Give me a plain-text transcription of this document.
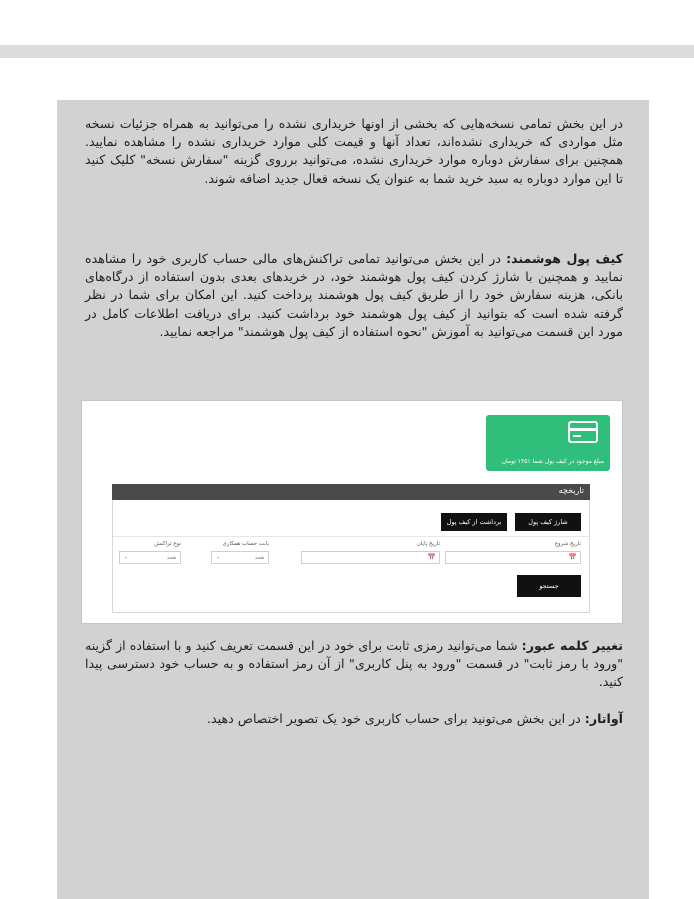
در این بخش تمامی نسخه‌هایی که بخشی از اونها خریداری نشده را می‌توانید به همراه جزئیات نسخه مثل مواردی که خریداری نشده‌اند، تعداد آنها و قیمت کلی موارد خریداری نشده را مشاهده نمایید. همچنین برای سفارش دوباره موارد خریداری نشده، می‌توانید برروی گزینه "سفارش نسخه" کلیک کنید تا این موارد دوباره به سبد خرید شما به عنوان یک نسخه فعال جدید اضافه شوند.

کیف پول هوشمند: در این بخش می‌توانید تمامی تراکنش‌های مالی حساب کاربری خود را مشاهده نمایید و همچنین با شارژ کردن کیف پول هوشمند خود، در خریدهای بعدی بدون استفاده از درگاه‌های بانکی، هزینه سفارش خود را از طریق کیف پول هوشمند پرداخت کنید. این امکان برای شما در نظر گرفته شده است که بتوانید از کیف پول هوشمند خود برداشت کنید. برای دریافت اطلاعات کامل در مورد این قسمت می‌توانید به آموزش "نحوه استفاده از کیف پول هوشمند" مراجعه نمایید.

مبلغ موجود در کیف پول شما ۱۳۵۱ تومان
تاریخچه
شارژ کیف پول
برداشت از کیف پول
تاریخ شروع
📅
تاریخ پایان
📅
بابت حساب همکاری
همه
⌄
نوع تراکنش
همه
⌄
جستجو

تغییر کلمه عبور: شما می‌توانید رمزی ثابت برای خود در این قسمت تعریف کنید و با استفاده از گزینه "ورود با رمز ثابت" در قسمت "ورود به پنل کاربری" از آن رمز استفاده و به حساب خود دسترسی پیدا کنید.

آواتار: در این بخش می‌تونید برای حساب کاربری خود یک تصویر اختصاص دهید.
